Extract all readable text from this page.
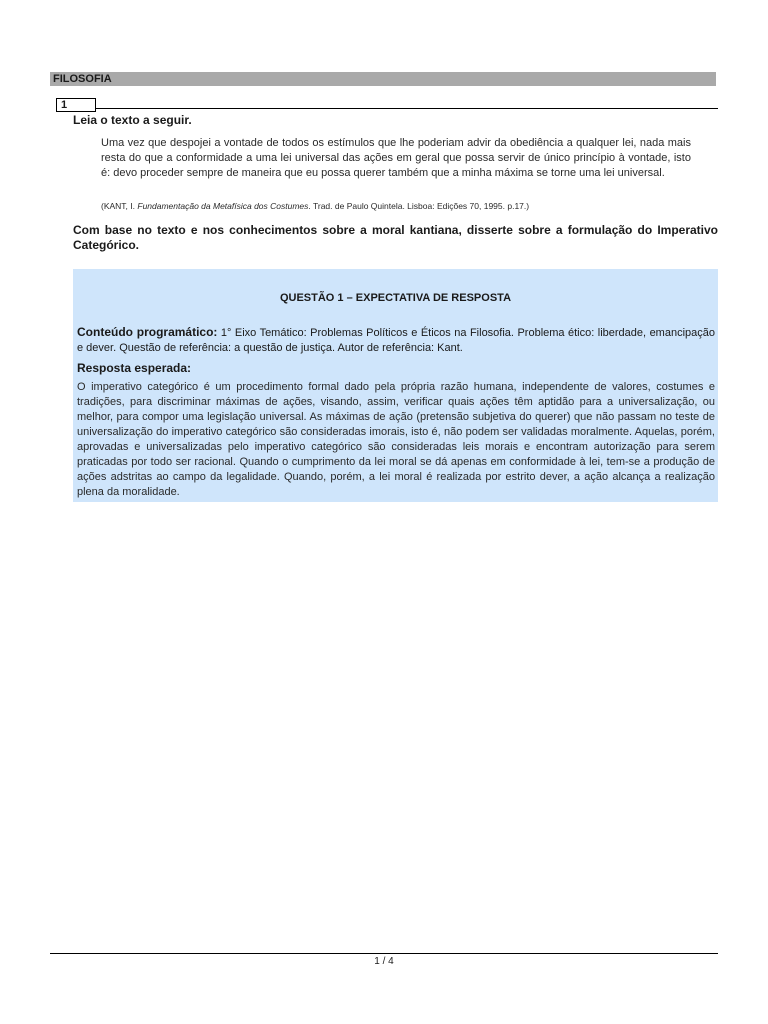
FILOSOFIA
1
Leia o texto a seguir.
Uma vez que despojei a vontade de todos os estímulos que lhe poderiam advir da obediência a qualquer lei, nada mais resta do que a conformidade a uma lei universal das ações em geral que possa servir de único princípio à vontade, isto é: devo proceder sempre de maneira que eu possa querer também que a minha máxima se torne uma lei universal.
(KANT, I. Fundamentação da Metafísica dos Costumes. Trad. de Paulo Quintela. Lisboa: Edições 70, 1995. p.17.)
Com base no texto e nos conhecimentos sobre a moral kantiana, disserte sobre a formulação do Imperativo Categórico.
QUESTÃO 1 – EXPECTATIVA DE RESPOSTA
Conteúdo programático: 1° Eixo Temático: Problemas Políticos e Éticos na Filosofia. Problema ético: liberdade, emancipação e dever. Questão de referência: a questão de justiça. Autor de referência: Kant.
Resposta esperada:
O imperativo categórico é um procedimento formal dado pela própria razão humana, independente de valores, costumes e tradições, para discriminar máximas de ações, visando, assim, verificar quais ações têm aptidão para a universalização, ou melhor, para compor uma legislação universal. As máximas de ação (pretensão subjetiva do querer) que não passam no teste de universalização do imperativo categórico são consideradas imorais, isto é, não podem ser validadas moralmente. Aquelas, porém, aprovadas e universalizadas pelo imperativo categórico são consideradas leis morais e encontram autorização para serem praticadas por todo ser racional. Quando o cumprimento da lei moral se dá apenas em conformidade à lei, tem-se a produção de ações adstritas ao campo da legalidade. Quando, porém, a lei moral é realizada por estrito dever, a ação alcança a realização plena da moralidade.
1 / 4
